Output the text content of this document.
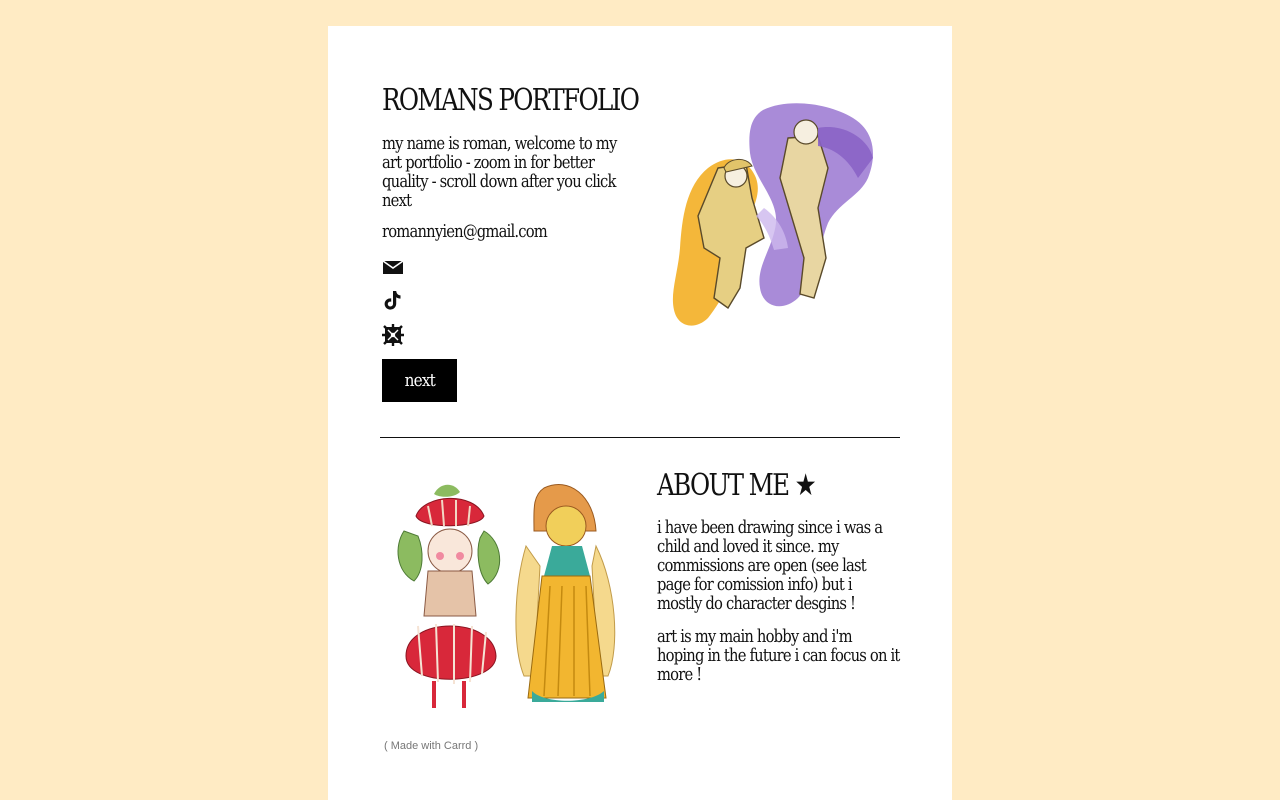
ROMANS PORTFOLIO

my name is roman, welcome to my art portfolio - zoom in for better quality - scroll down after you click next

romannyien@gmail.com

next
ABOUT ME ★

i have been drawing since i was a child and loved it since. my commissions are open (see last page for comission info) but i mostly do character desgins !

art is my main hobby and i'm hoping in the future i can focus on it more !

( Made with Carrd )
